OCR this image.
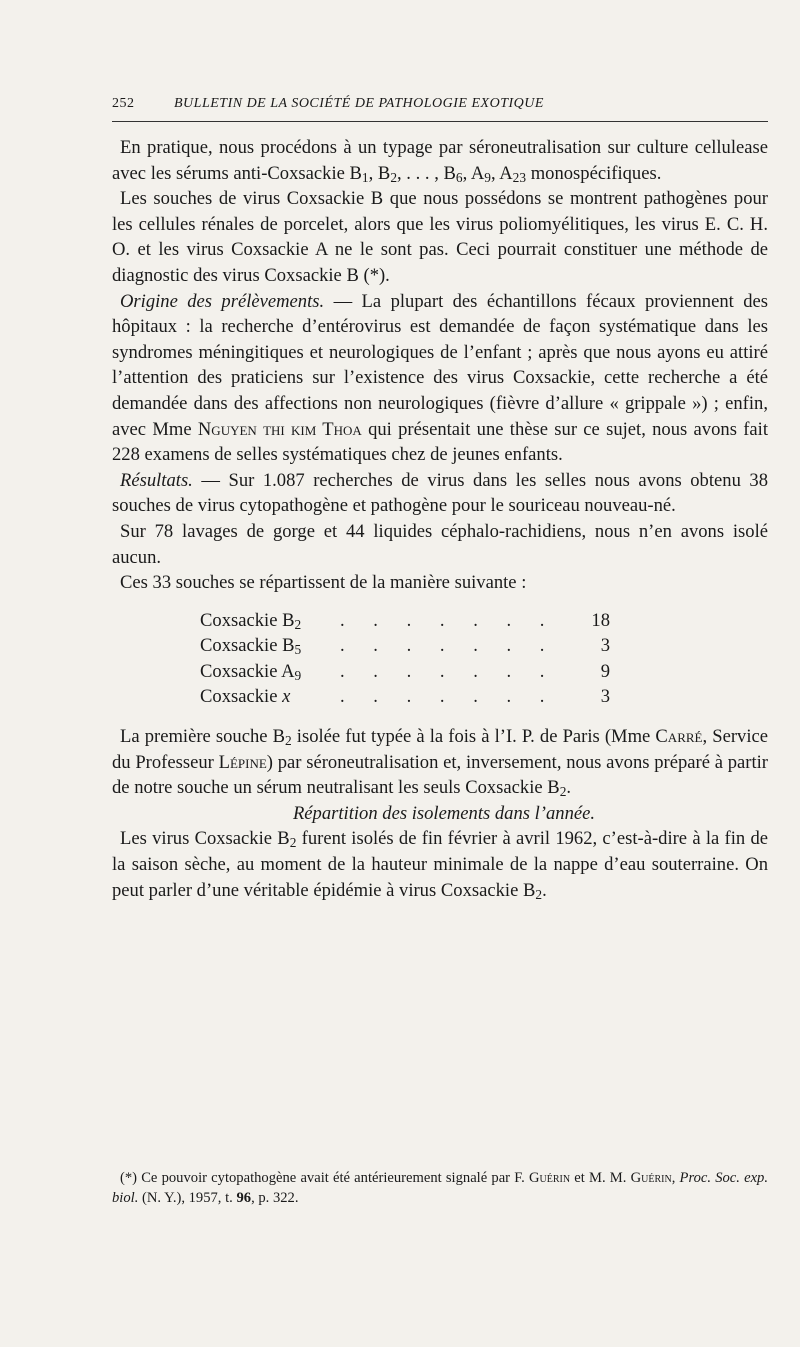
252	BULLETIN DE LA SOCIÉTÉ DE PATHOLOGIE EXOTIQUE

En pratique, nous procédons à un typage par séroneutralisation sur culture cellulease avec les sérums anti-Coxsackie $B_1$, $B_2$, . . . , $B_6$, $A_9$, $A_{23}$ monospécifiques.

Les souches de virus Coxsackie B que nous possédons se montrent pathogènes pour les cellules rénales de porcelet, alors que les virus poliomyélitiques, les virus E. C. H. O. et les virus Coxsackie A ne le sont pas. Ceci pourrait constituer une méthode de diagnostic des virus Coxsackie B (*).

Origine des prélèvements. — La plupart des échantillons fécaux proviennent des hôpitaux : la recherche d’entérovirus est demandée de façon systématique dans les syndromes méningitiques et neurologiques de l’enfant ; après que nous ayons eu attiré l’attention des praticiens sur l’existence des virus Coxsackie, cette recherche a été demandée dans des affections non neurologiques (fièvre d’allure « grippale ») ; enfin, avec Mme Nguyen thi kim Thoa qui présentait une thèse sur ce sujet, nous avons fait 228 examens de selles systématiques chez de jeunes enfants.

Résultats. — Sur 1.087 recherches de virus dans les selles nous avons obtenu 38 souches de virus cytopathogène et pathogène pour le souriceau nouveau-né.

Sur 78 lavages de gorge et 44 liquides céphalo-rachidiens, nous n’en avons isolé aucun.

Ces 33 souches se répartissent de la manière suivante :

Coxsackie $B_2$	. . . . . . .	18
Coxsackie $B_5$	. . . . . . .	3
Coxsackie $A_9$	. . . . . . .	9
Coxsackie x	. . . . . . .	3

La première souche $B_2$ isolée fut typée à la fois à l’I. P. de Paris (Mme Carré, Service du Professeur Lépine) par séroneutralisation et, inversement, nous avons préparé à partir de notre souche un sérum neutralisant les seuls Coxsackie $B_2$.

Répartition des isolements dans l’année.

Les virus Coxsackie $B_2$ furent isolés de fin février à avril 1962, c’est-à-dire à la fin de la saison sèche, au moment de la hauteur minimale de la nappe d’eau souterraine. On peut parler d’une véritable épidémie à virus Coxsackie $B_2$.

(*) Ce pouvoir cytopathogène avait été antérieurement signalé par F. Guérin et M. M. Guérin, Proc. Soc. exp. biol. (N. Y.), 1957, t. 96, p. 322.
